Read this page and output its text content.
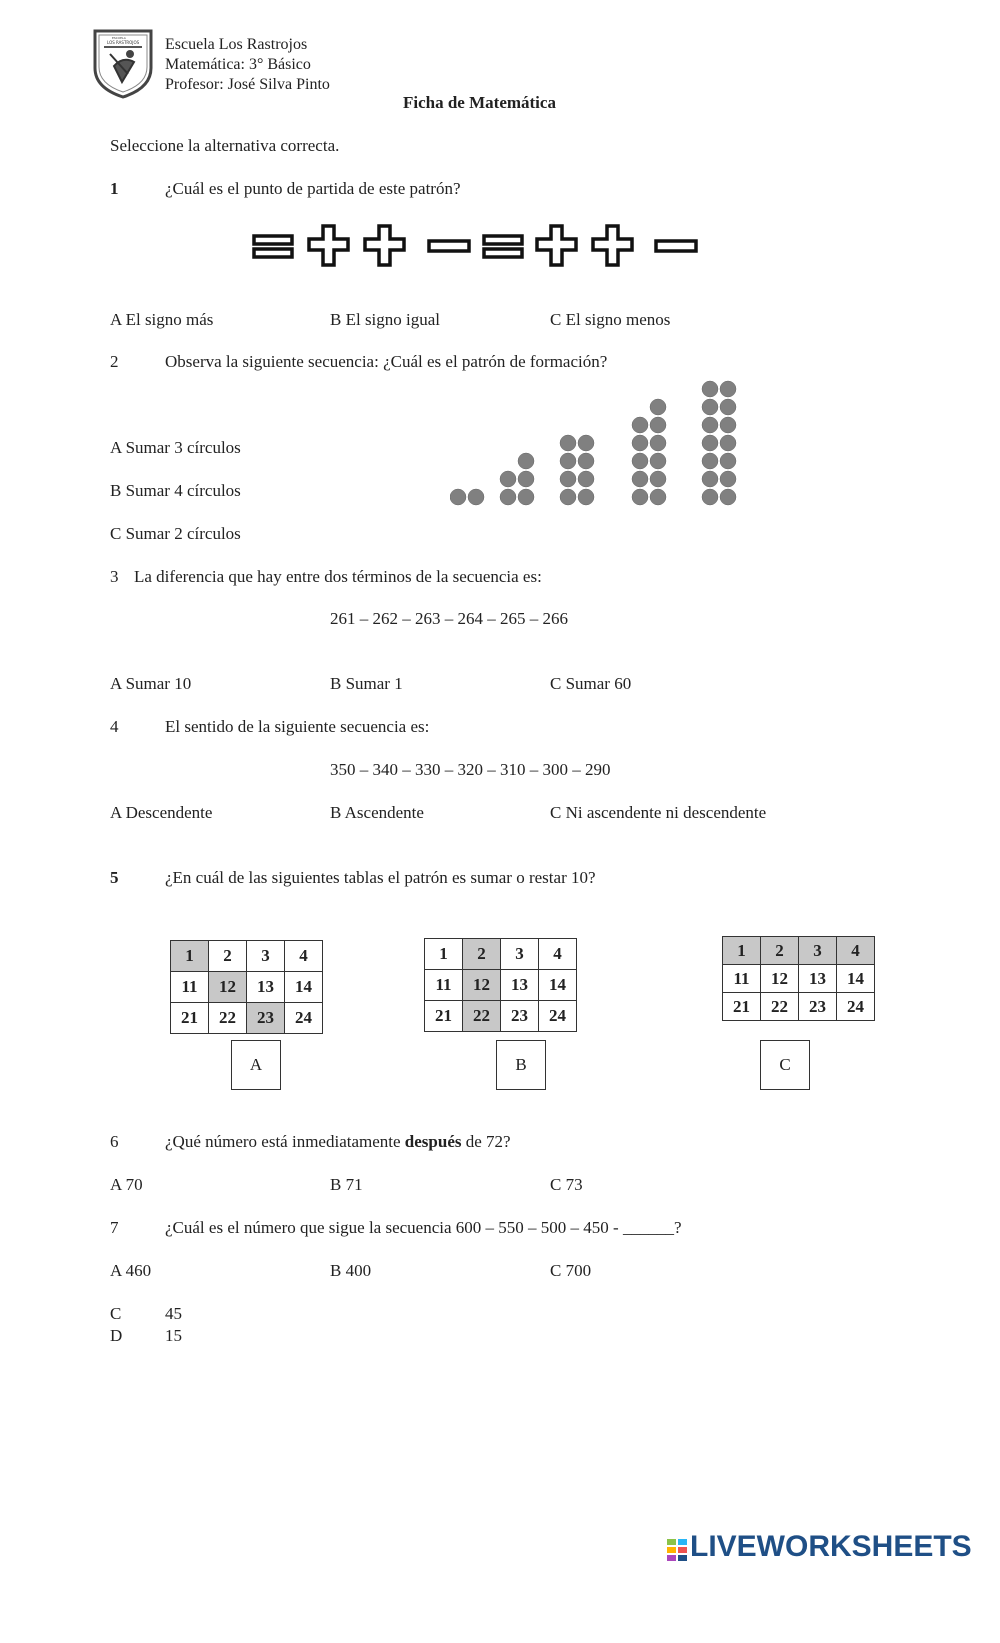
ESCUELA
LOS RASTROJOS Escuela Los Rastrojos
Matemática: 3° Básico
Profesor: José Silva Pinto
Ficha de Matemática
Seleccione la alternativa correcta.
1	¿Cuál es el punto de partida de este patrón?
A El signo más	B El signo igual	C El signo menos
2	Observa la siguiente secuencia: ¿Cuál es el patrón de formación?
A Sumar 3 círculos
B Sumar 4 círculos
C Sumar 2 círculos
3 La diferencia que hay entre dos términos de la secuencia es:
261 – 262 – 263 – 264 – 265 – 266
A Sumar 10	B Sumar 1	C Sumar 60
4	El sentido de la siguiente secuencia es:
350 – 340 – 330 – 320 – 310 – 300 – 290
A Descendente	B Ascendente	C Ni ascendente ni descendente
5	¿En cuál de las siguientes tablas el patrón es sumar o restar 10?
1	2	3	4
11	12	13	14
21	22	23	24
1	2	3	4
11	12	13	14
21	22	23	24
1	2	3	4
11	12	13	14
21	22	23	24
A	B	C
6	¿Qué número está inmediatamente después de 72?
A 70	B 71	C 73
7	¿Cuál es el número que sigue la secuencia 600 – 550 – 500 – 450 - ______?
A 460	B 400	C 700
C	45
D	15
LIVEWORKSHEETS
